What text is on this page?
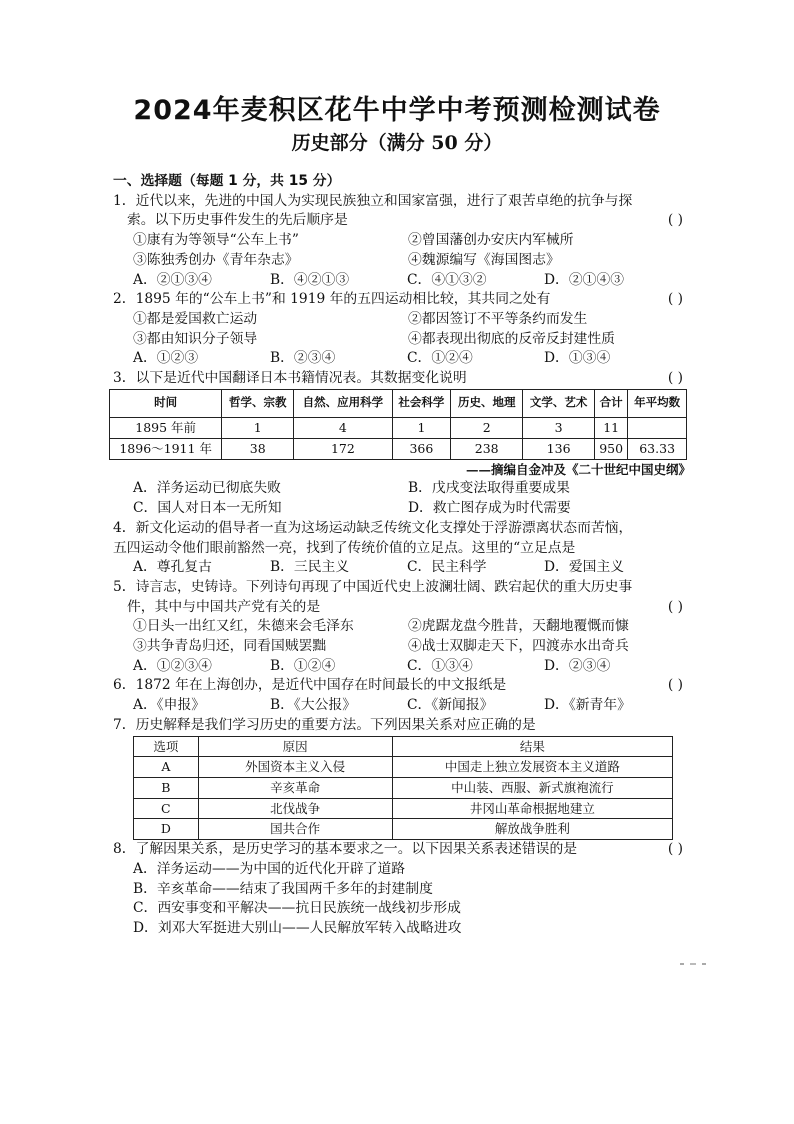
2024年麦积区花牛中学中考预测检测试卷
历史部分（满分 50 分）
一、选择题（每题 1 分，共 15 分）
1．近代以来，先进的中国人为实现民族独立和国家富强，进行了艰苦卓绝的抗争与探
索。以下历史事件发生的先后顺序是	( )
①康有为等领导“公车上书”	②曾国藩创办安庆内军械所
③陈独秀创办《青年杂志》	④魏源编写《海国图志》
A．②①③④	B．④②①③	C．④①③②	D．②①④③
2．1895 年的“公车上书”和 1919 年的五四运动相比较，其共同之处有	( )
①都是爱国救亡运动	②都因签订不平等条约而发生
③都由知识分子领导	④都表现出彻底的反帝反封建性质
A．①②③	B．②③④	C．①②④	D．①③④
3．以下是近代中国翻译日本书籍情况表。其数据变化说明	( )
时间	哲学、宗教	自然、应用科学	社会科学	历史、地理	文学、艺术	合计	年平均数
1895 年前	1	4	1	2	3	11	
1896～1911 年	38	172	366	238	136	950	63.33
——摘编自金冲及《二十世纪中国史纲》
A．洋务运动已彻底失败	B．戊戌变法取得重要成果
C．国人对日本一无所知	D．救亡图存成为时代需要
4．新文化运动的倡导者一直为这场运动缺乏传统文化支撑处于浮游漂离状态而苦恼，
五四运动令他们眼前豁然一亮，找到了传统价值的立足点。这里的“立足点是
A．尊孔复古	B．三民主义	C．民主科学	D．爱国主义
5．诗言志，史铸诗。下列诗句再现了中国近代史上波澜壮阔、跌宕起伏的重大历史事
件，其中与中国共产党有关的是	( )
①日头一出红又红，朱德来会毛泽东	②虎踞龙盘今胜昔，天翻地覆慨而慷
③共争青岛归还，同看国贼罢黜	④战士双脚走天下，四渡赤水出奇兵
A．①②③④	B．①②④	C．①③④	D．②③④
6．1872 年在上海创办，是近代中国存在时间最长的中文报纸是	( )
A．《申报》	B．《大公报》	C．《新闻报》	D．《新青年》
7．历史解释是我们学习历史的重要方法。下列因果关系对应正确的是
选项	原因	结果
A	外国资本主义入侵	中国走上独立发展资本主义道路
B	辛亥革命	中山装、西服、新式旗袍流行
C	北伐战争	井冈山革命根据地建立
D	国共合作	解放战争胜利
8．了解因果关系，是历史学习的基本要求之一。以下因果关系表述错误的是	( )
A．洋务运动——为中国的近代化开辟了道路
B．辛亥革命——结束了我国两千多年的封建制度
C．西安事变和平解决——抗日民族统一战线初步形成
D．刘邓大军挺进大别山——人民解放军转入战略进攻
